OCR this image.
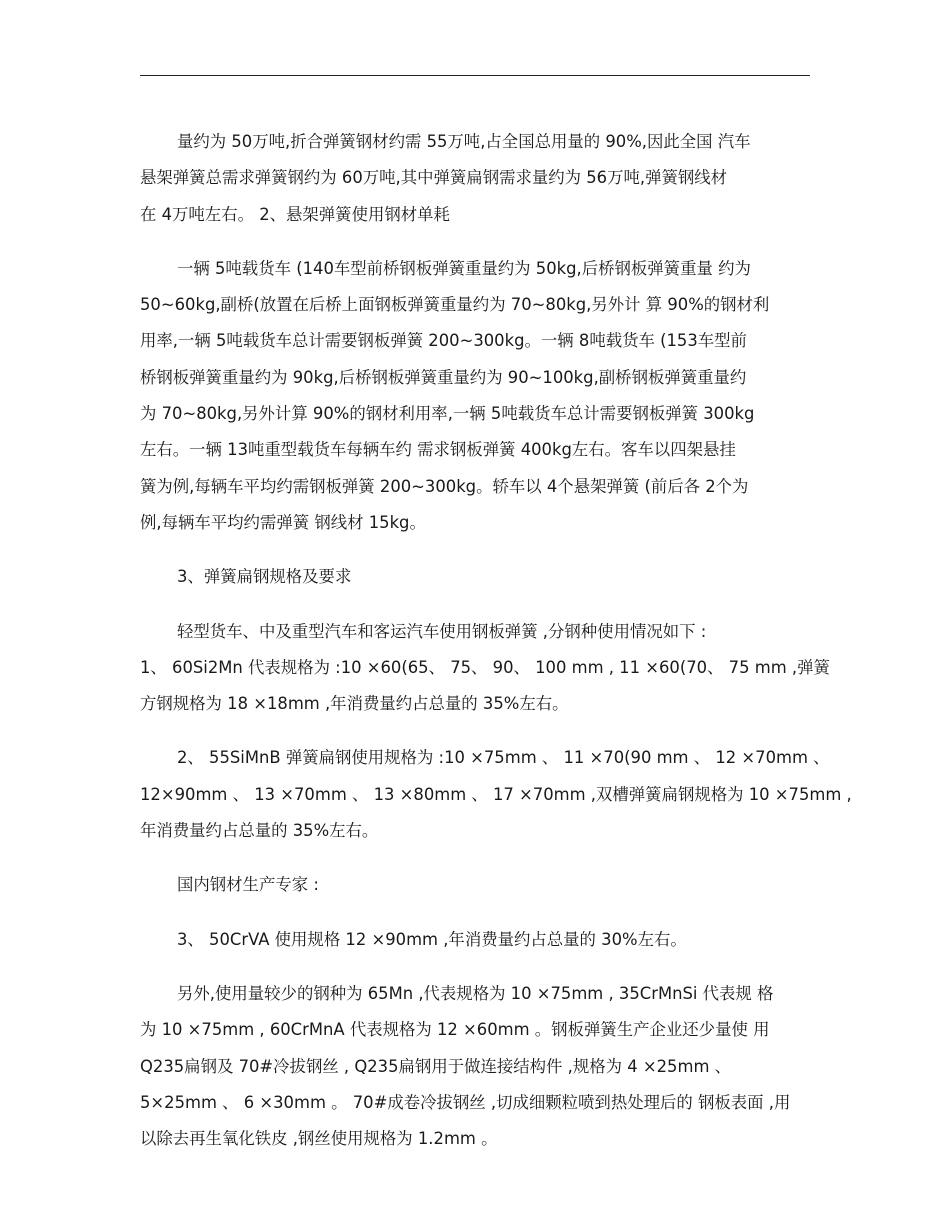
量约为 50万吨,折合弹簧钢材约需 55万吨,占全国总用量的 90%,因此全国 汽车
悬架弹簧总需求弹簧钢约为 60万吨,其中弹簧扁钢需求量约为 56万吨,弹簧钢线材
在 4万吨左右。 2、悬架弹簧使用钢材单耗

一辆 5吨载货车 (140车型前桥钢板弹簧重量约为 50kg,后桥钢板弹簧重量 约为
50~60kg,副桥(放置在后桥上面钢板弹簧重量约为 70~80kg,另外计 算 90%的钢材利
用率,一辆 5吨载货车总计需要钢板弹簧 200~300kg。一辆 8吨载货车 (153车型前
桥钢板弹簧重量约为 90kg,后桥钢板弹簧重量约为 90~100kg,副桥钢板弹簧重量约
为 70~80kg,另外计算 90%的钢材利用率,一辆 5吨载货车总计需要钢板弹簧 300kg
左右。一辆 13吨重型载货车每辆车约 需求钢板弹簧 400kg左右。客车以四架悬挂
簧为例,每辆车平均约需钢板弹簧 200~300kg。轿车以 4个悬架弹簧 (前后各 2个为
例,每辆车平均约需弹簧 钢线材 15kg。

3、弹簧扁钢规格及要求

轻型货车、中及重型汽车和客运汽车使用钢板弹簧 ,分钢种使用情况如下 :

1、 60Si2Mn 代表规格为 :10 ×60(65、 75、 90、 100 mm , 11 ×60(70、 75 mm ,弹簧
方钢规格为 18 ×18mm ,年消费量约占总量的 35%左右。

2、 55SiMnB 弹簧扁钢使用规格为 :10 ×75mm 、 11 ×70(90 mm 、 12 ×70mm 、
12×90mm 、 13 ×70mm 、 13 ×80mm 、 17 ×70mm ,双槽弹簧扁钢规格为 10 ×75mm ,
年消费量约占总量的 35%左右。

国内钢材生产专家 :

3、 50CrVA 使用规格 12 ×90mm ,年消费量约占总量的 30%左右。

另外,使用量较少的钢种为 65Mn ,代表规格为 10 ×75mm , 35CrMnSi 代表规 格
为 10 ×75mm , 60CrMnA 代表规格为 12 ×60mm 。钢板弹簧生产企业还少量使 用
Q235扁钢及 70#冷拔钢丝 , Q235扁钢用于做连接结构件 ,规格为 4 ×25mm 、
5×25mm 、 6 ×30mm 。 70#成卷冷拔钢丝 ,切成细颗粒喷到热处理后的 钢板表面 ,用
以除去再生氧化铁皮 ,钢丝使用规格为 1.2mm 。
